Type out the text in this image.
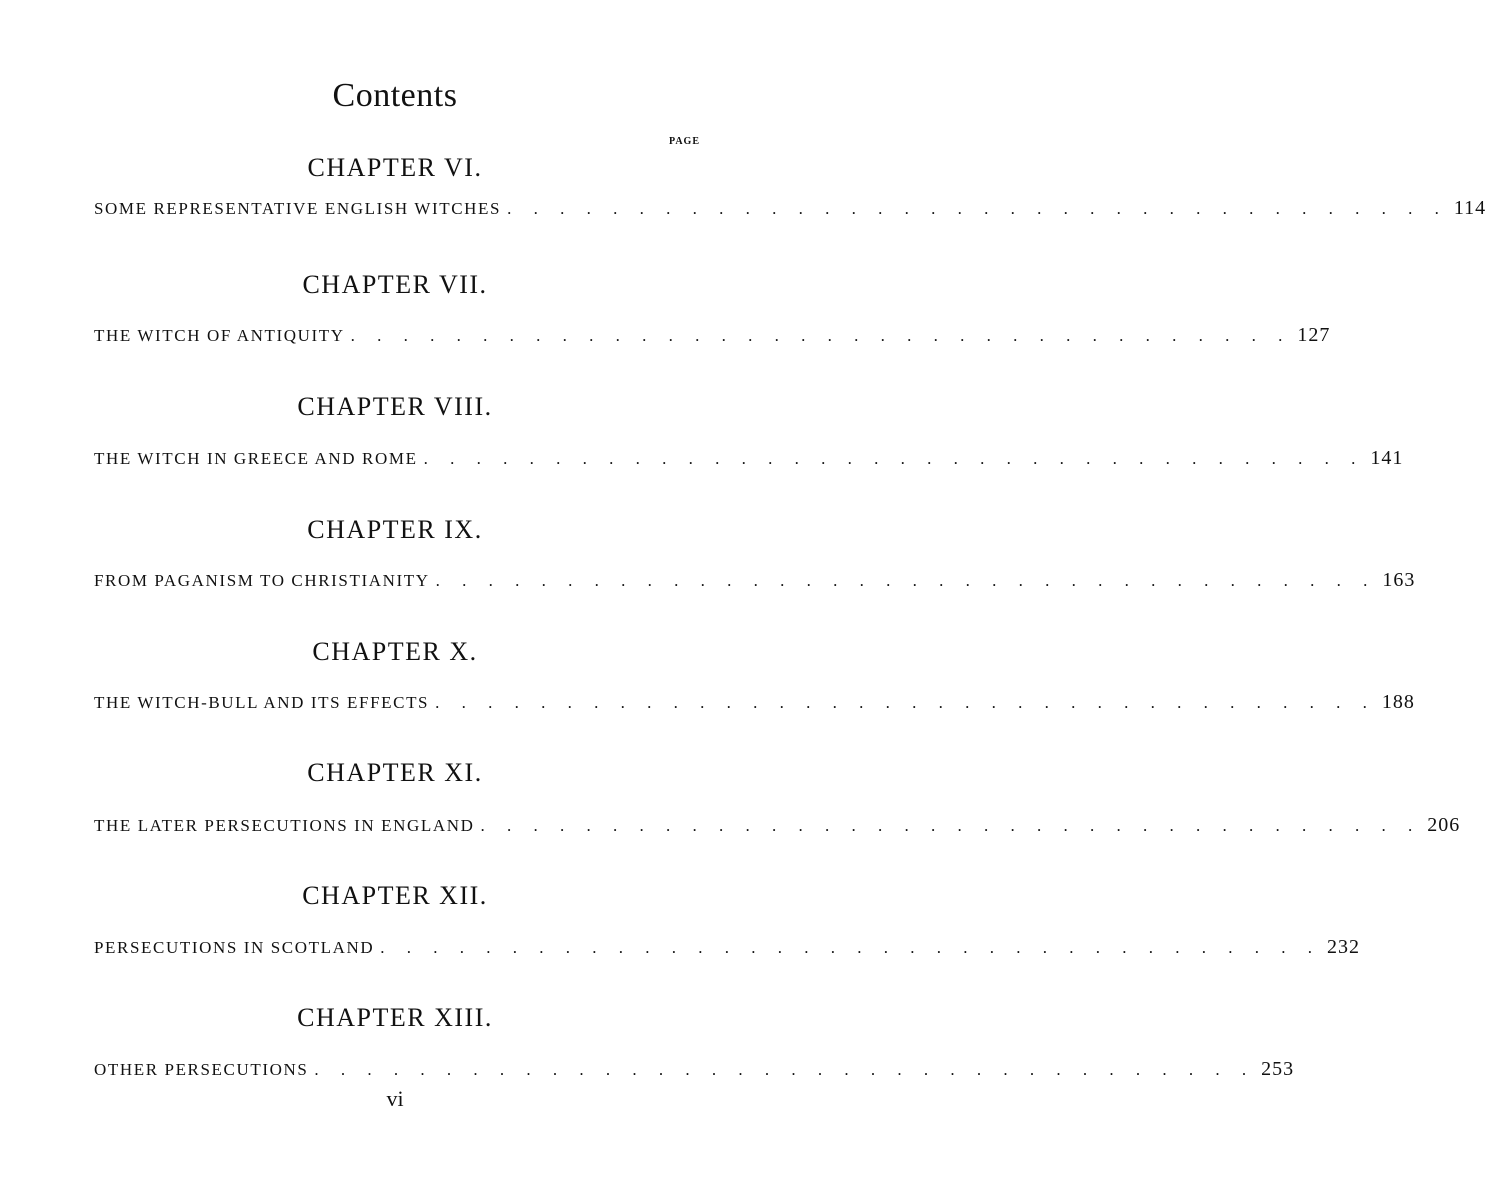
Contents
PAGE
CHAPTER VI.
SOME REPRESENTATIVE ENGLISH WITCHES . . . . . . . . . . . . . . . . . . . . . . . . . . . . . . . . . . . . 114
CHAPTER VII.
THE WITCH OF ANTIQUITY . . . . . . . . . . . . . . . . . . . . . . . . . . . . . . . . . . . . 127
CHAPTER VIII.
THE WITCH IN GREECE AND ROME . . . . . . . . . . . . . . . . . . . . . . . . . . . . . . . . . . . . 141
CHAPTER IX.
FROM PAGANISM TO CHRISTIANITY . . . . . . . . . . . . . . . . . . . . . . . . . . . . . . . . . . . . 163
CHAPTER X.
THE WITCH-BULL AND ITS EFFECTS . . . . . . . . . . . . . . . . . . . . . . . . . . . . . . . . . . . . 188
CHAPTER XI.
THE LATER PERSECUTIONS IN ENGLAND . . . . . . . . . . . . . . . . . . . . . . . . . . . . . . . . . . . . 206
CHAPTER XII.
PERSECUTIONS IN SCOTLAND . . . . . . . . . . . . . . . . . . . . . . . . . . . . . . . . . . . . 232
CHAPTER XIII.
OTHER PERSECUTIONS . . . . . . . . . . . . . . . . . . . . . . . . . . . . . . . . . . . . 253
vi
